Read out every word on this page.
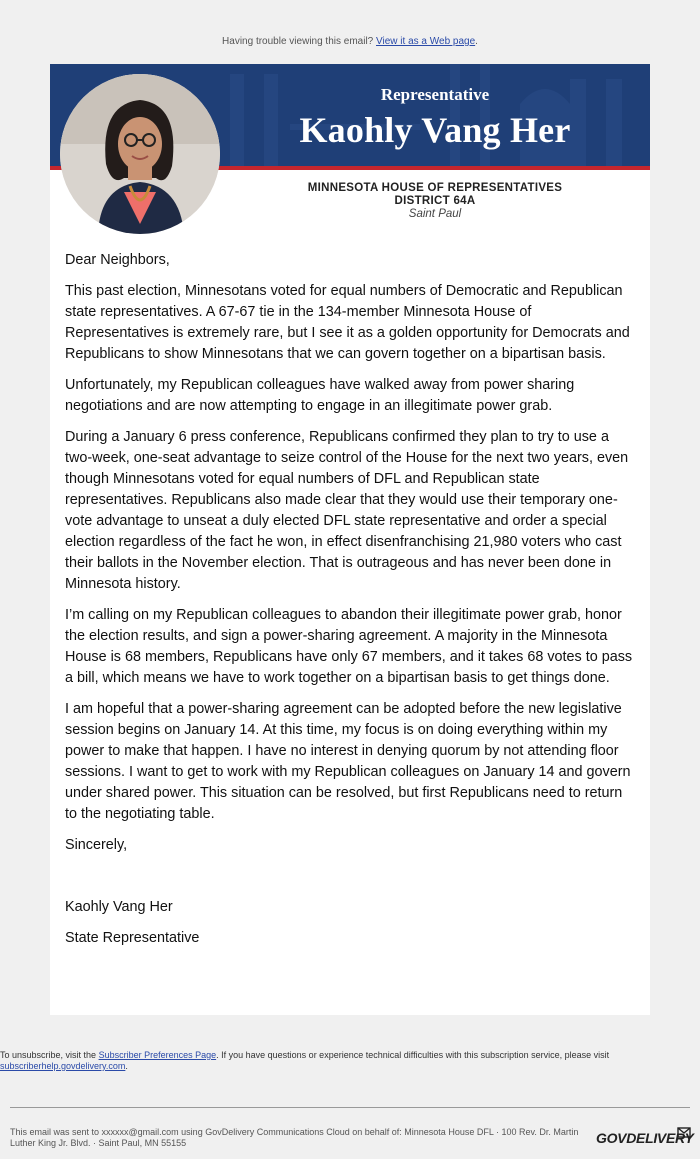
Having trouble viewing this email? View it as a Web page.
Representative
Kaohly Vang Her
MINNESOTA HOUSE OF REPRESENTATIVES
DISTRICT 64A
Saint Paul

Dear Neighbors,

This past election, Minnesotans voted for equal numbers of Democratic and Republican state representatives. A 67-67 tie in the 134-member Minnesota House of Representatives is extremely rare, but I see it as a golden opportunity for Democrats and Republicans to show Minnesotans that we can govern together on a bipartisan basis.

Unfortunately, my Republican colleagues have walked away from power sharing negotiations and are now attempting to engage in an illegitimate power grab.

During a January 6 press conference, Republicans confirmed they plan to try to use a two-week, one-seat advantage to seize control of the House for the next two years, even though Minnesotans voted for equal numbers of DFL and Republican state representatives. Republicans also made clear that they would use their temporary one-vote advantage to unseat a duly elected DFL state representative and order a special election regardless of the fact he won, in effect disenfranchising 21,980 voters who cast their ballots in the November election. That is outrageous and has never been done in Minnesota history.

I’m calling on my Republican colleagues to abandon their illegitimate power grab, honor the election results, and sign a power-sharing agreement. A majority in the Minnesota House is 68 members, Republicans have only 67 members, and it takes 68 votes to pass a bill, which means we have to work together on a bipartisan basis to get things done.

I am hopeful that a power-sharing agreement can be adopted before the new legislative session begins on January 14. At this time, my focus is on doing everything within my power to make that happen. I have no interest in denying quorum by not attending floor sessions. I want to get to work with my Republican colleagues on January 14 and govern under shared power. This situation can be resolved, but first Republicans need to return to the negotiating table.

Sincerely,

Kaohly Vang Her

State Representative

To unsubscribe, visit the Subscriber Preferences Page. If you have questions or experience technical difficulties with this subscription service, please visit subscriberhelp.govdelivery.com.
This email was sent to xxxxxx@gmail.com using GovDelivery Communications Cloud on behalf of: Minnesota House DFL · 100 Rev. Dr. Martin Luther King Jr. Blvd. · Saint Paul, MN 55155	GOVDELIVERY
